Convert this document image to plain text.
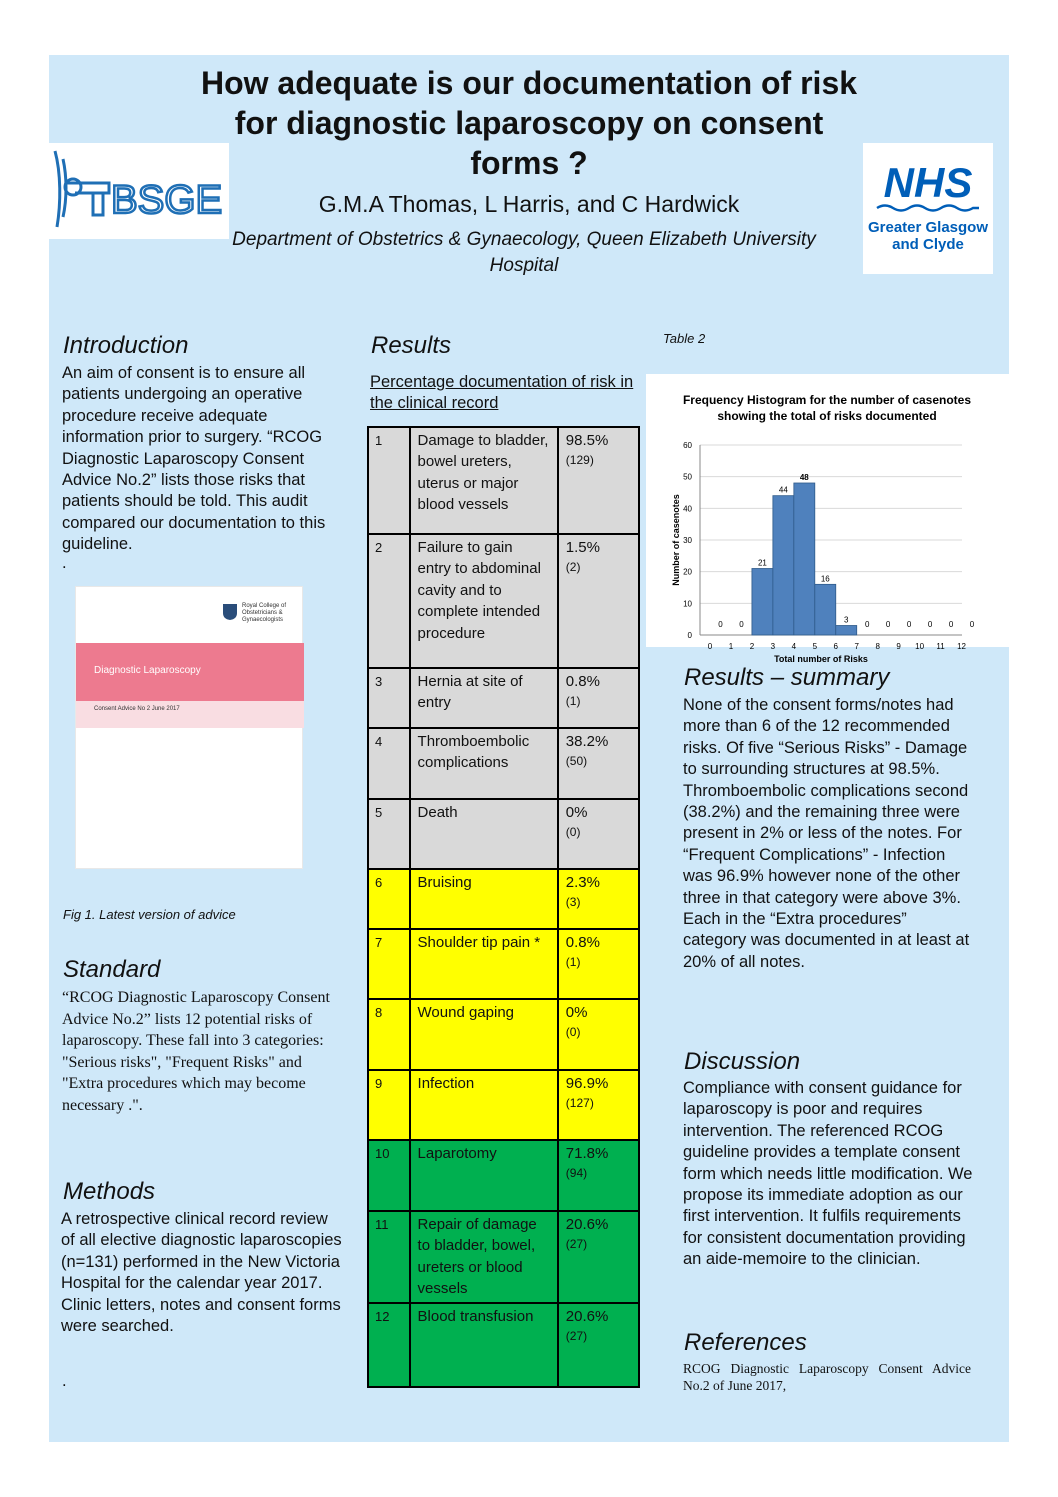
How adequate is our documentation of risk for diagnostic laparoscopy on consent forms ?
G.M.A Thomas, L Harris, and C Hardwick
Department of Obstetrics & Gynaecology, Queen Elizabeth University Hospital
BSGE	NHS
Greater Glasgow and Clyde
Introduction
An aim of consent is to ensure all patients undergoing an operative procedure receive adequate information prior to surgery. “RCOG Diagnostic Laparoscopy Consent Advice No.2” lists those risks that patients should be told. This audit compared our documentation to this guideline.
.
Royal College of Obstetricians & Gynaecologists
Diagnostic Laparoscopy
Consent Advice No 2 June 2017
Fig 1. Latest version of advice
Standard
“RCOG Diagnostic Laparoscopy Consent Advice No.2” lists 12 potential risks of laparoscopy. These fall into 3 categories: "Serious risks", "Frequent Risks" and "Extra procedures which may become necessary .".
Methods
A retrospective clinical record review of all elective diagnostic laparoscopies (n=131) performed in the New Victoria Hospital for the calendar year 2017. Clinic letters, notes and consent forms were searched.
.
Results
Percentage documentation of risk in the clinical record
1	Damage to bladder, bowel ureters, uterus or major blood vessels	98.5%
(129)

2	Failure to gain entry to abdominal cavity and to complete intended procedure	1.5%
(2)

3	Hernia at site of entry	0.8%
(1)

4	Thromboembolic complications	38.2%
(50)

5	Death	0%
(0)

6	Bruising	2.3%
(3)

7	Shoulder tip pain *	0.8%
(1)

8	Wound gaping	0%
(0)

9	Infection	96.9%
(127)

10	Laparotomy	71.8%
(94)

11	Repair of damage to bladder, bowel, ureters or blood vessels	20.6%
(27)

12	Blood transfusion	20.6%
(27)
Table 2
Frequency Histogram for the number of casenotes
showing the total of risks documented
0
10
20
30
40
50
60
0
0
0
1
21
2
44
3
48
4
16
5
3
6
0
7
0
8
0
9
0
10
0
11
0
12
Total number of Risks
Number of casenotes
Results – summary
None of the consent forms/notes had more than 6 of the 12 recommended risks. Of five “Serious Risks” - Damage to surrounding structures at 98.5%. Thromboembolic complications second (38.2%) and the remaining three were present in 2% or less of the notes. For “Frequent Complications” - Infection was 96.9% however none of the other three in that category were above 3%. Each in the “Extra procedures” category was documented in at least at 20% of all notes.
Discussion
Compliance with consent guidance for laparoscopy is poor and requires intervention. The referenced RCOG guideline provides a template consent form which needs little modification. We propose its immediate adoption as our first intervention. It fulfils requirements for consistent documentation providing an aide-memoire to the clinician.
References
RCOG Diagnostic Laparoscopy Consent Advice No.2 of June 2017,
